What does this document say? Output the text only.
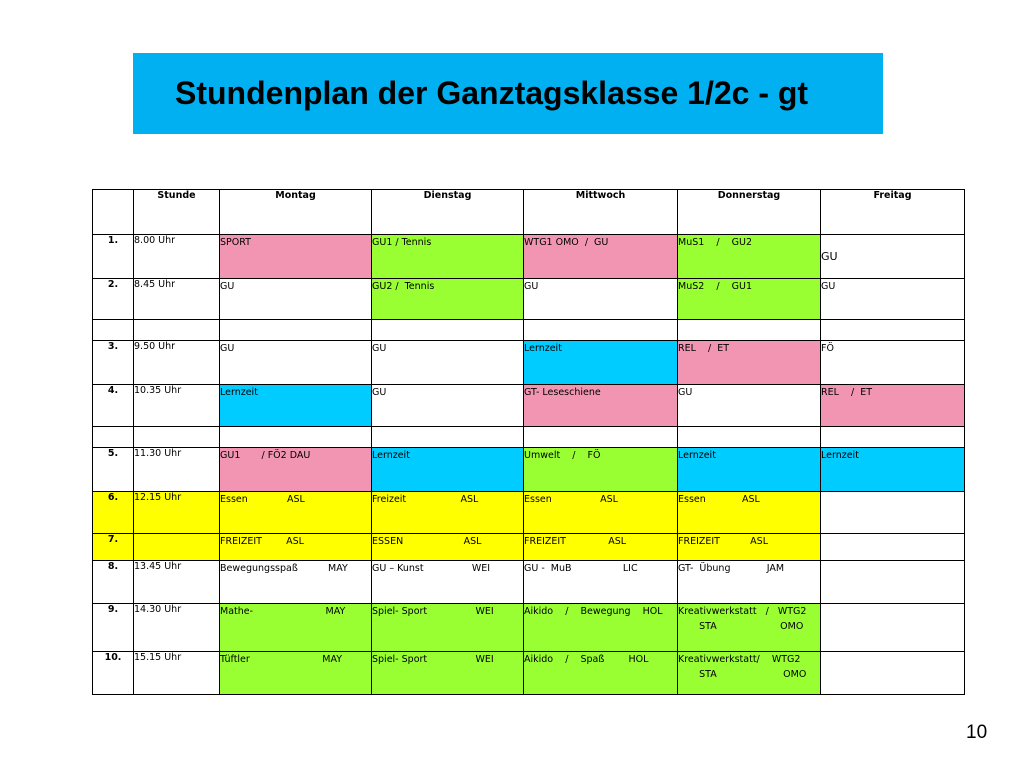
Stundenplan der Ganztagsklasse 1/2c - gt
	Stunde	Montag	Dienstag	Mittwoch	Donnerstag	Freitag
1.	8.00 Uhr	SPORT	GU1 / Tennis	WTG1 OMO  /  GU	MuS1    /    GU2	GU

2.	8.45 Uhr	GU	GU2 /  Tennis	GU	MuS2    /    GU1	GU

3.	9.50 Uhr	GU	GU	Lernzeit	REL    /  ET	FÖ

4.	10.35 Uhr	Lernzeit	GU	GT- Leseschiene	GU	REL    /  ET

5.	11.30 Uhr	GU1       / FÖ2 DAU	Lernzeit	Umwelt    /    FÖ	Lernzeit	Lernzeit

6.	12.15 Uhr	Essen             ASL	Freizeit                  ASL	Essen                ASL	Essen            ASL	

7.		FREIZEIT        ASL	ESSEN                    ASL	FREIZEIT              ASL	FREIZEIT          ASL	

8.	13.45 Uhr	Bewegungsspaß          MAY	GU – Kunst                WEI	GU -  MuB                 LIC	GT-  Übung            JAM	

9.	14.30 Uhr	Mathe-                        MAY	Spiel- Sport                WEI	Aikido    /    Bewegung    HOL	Kreativwerkstatt   /   WTG2
STA                     OMO	

10.	15.15 Uhr	Tüftler                        MAY	Spiel- Sport                WEI	Aikido    /    Spaß        HOL	Kreativwerkstatt/    WTG2
STA                      OMO	

10
